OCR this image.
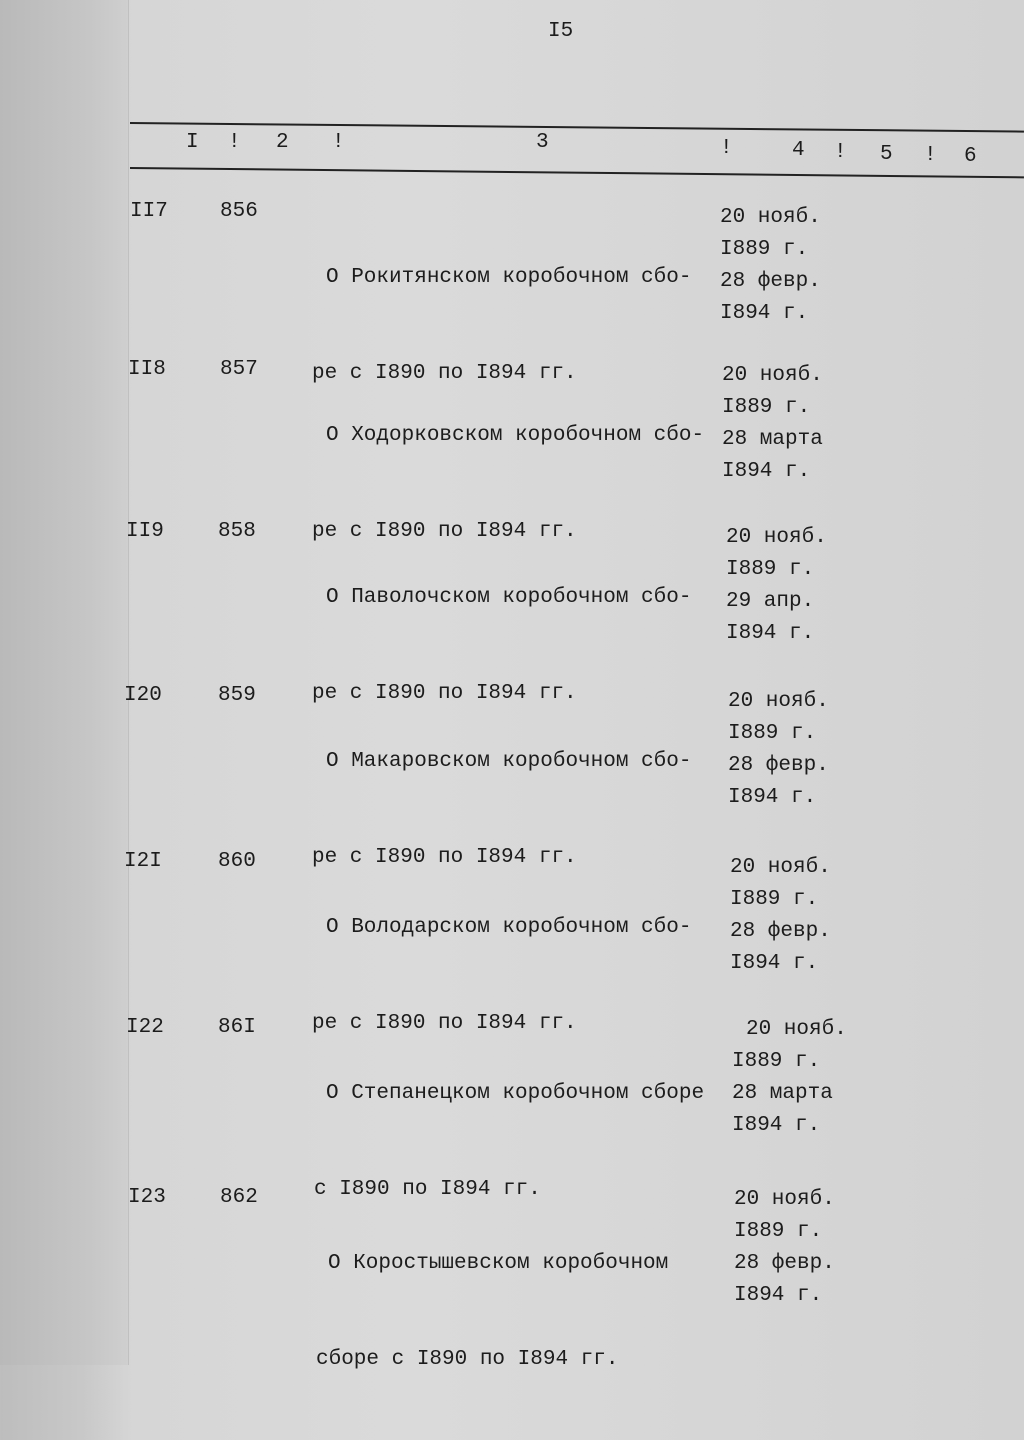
I5
I ! 2 !	3	!	4 ! 5 ! 6
II7 856

О Рокитянском коробочном сбо-

ре с I890 по I894 гг.

20 нояб.
I889 г.
28 февр.
I894 г.
II8	857

О Ходорковском коробочном сбо-

ре с I890 по I894 гг.

20 нояб.
I889 г.
28 марта
I894 г.
II9	858

О Паволочском коробочном сбо-

ре с I890 по I894 гг.

20 нояб.
I889 г.
29 апр.
I894 г.
I20	859

О Макаровском коробочном сбо-

ре с I890 по I894 гг.

20 нояб.
I889 г.
28 февр.
I894 г.
I2I	860

О Володарском коробочном сбо-

ре с I890 по I894 гг.

20 нояб.
I889 г.
28 февр.
I894 г.
I22	86I

О Степанецком коробочном сборе

с I890 по I894 гг.

20 нояб.
I889 г.
28 марта
I894 г.
I23	862

О Коростышевском коробочном

сборе с I890 по I894 гг.

20 нояб.
I889 г.
28 февр.
I894 г.
